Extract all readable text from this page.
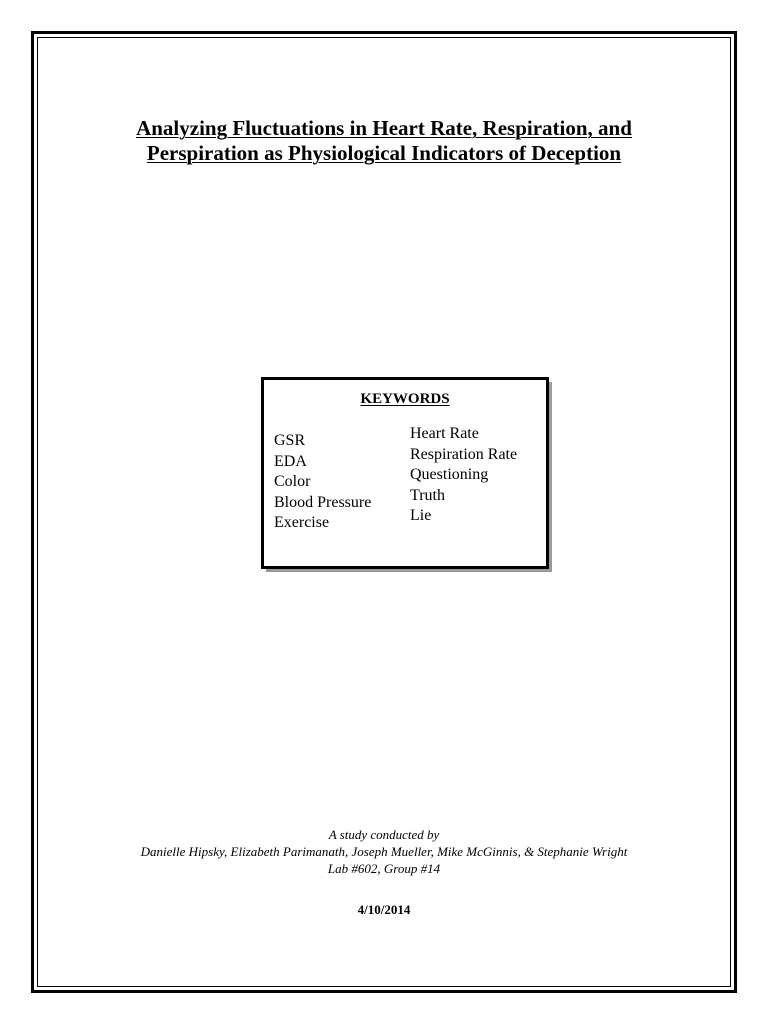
Analyzing Fluctuations in Heart Rate, Respiration, and
Perspiration as Physiological Indicators of Deception
KEYWORDS
GSR
EDA
Color
Blood Pressure
Exercise
Heart Rate
Respiration Rate
Questioning
Truth
Lie
A study conducted by
Danielle Hipsky, Elizabeth Parimanath, Joseph Mueller, Mike McGinnis, & Stephanie Wright
Lab #602, Group #14
4/10/2014
